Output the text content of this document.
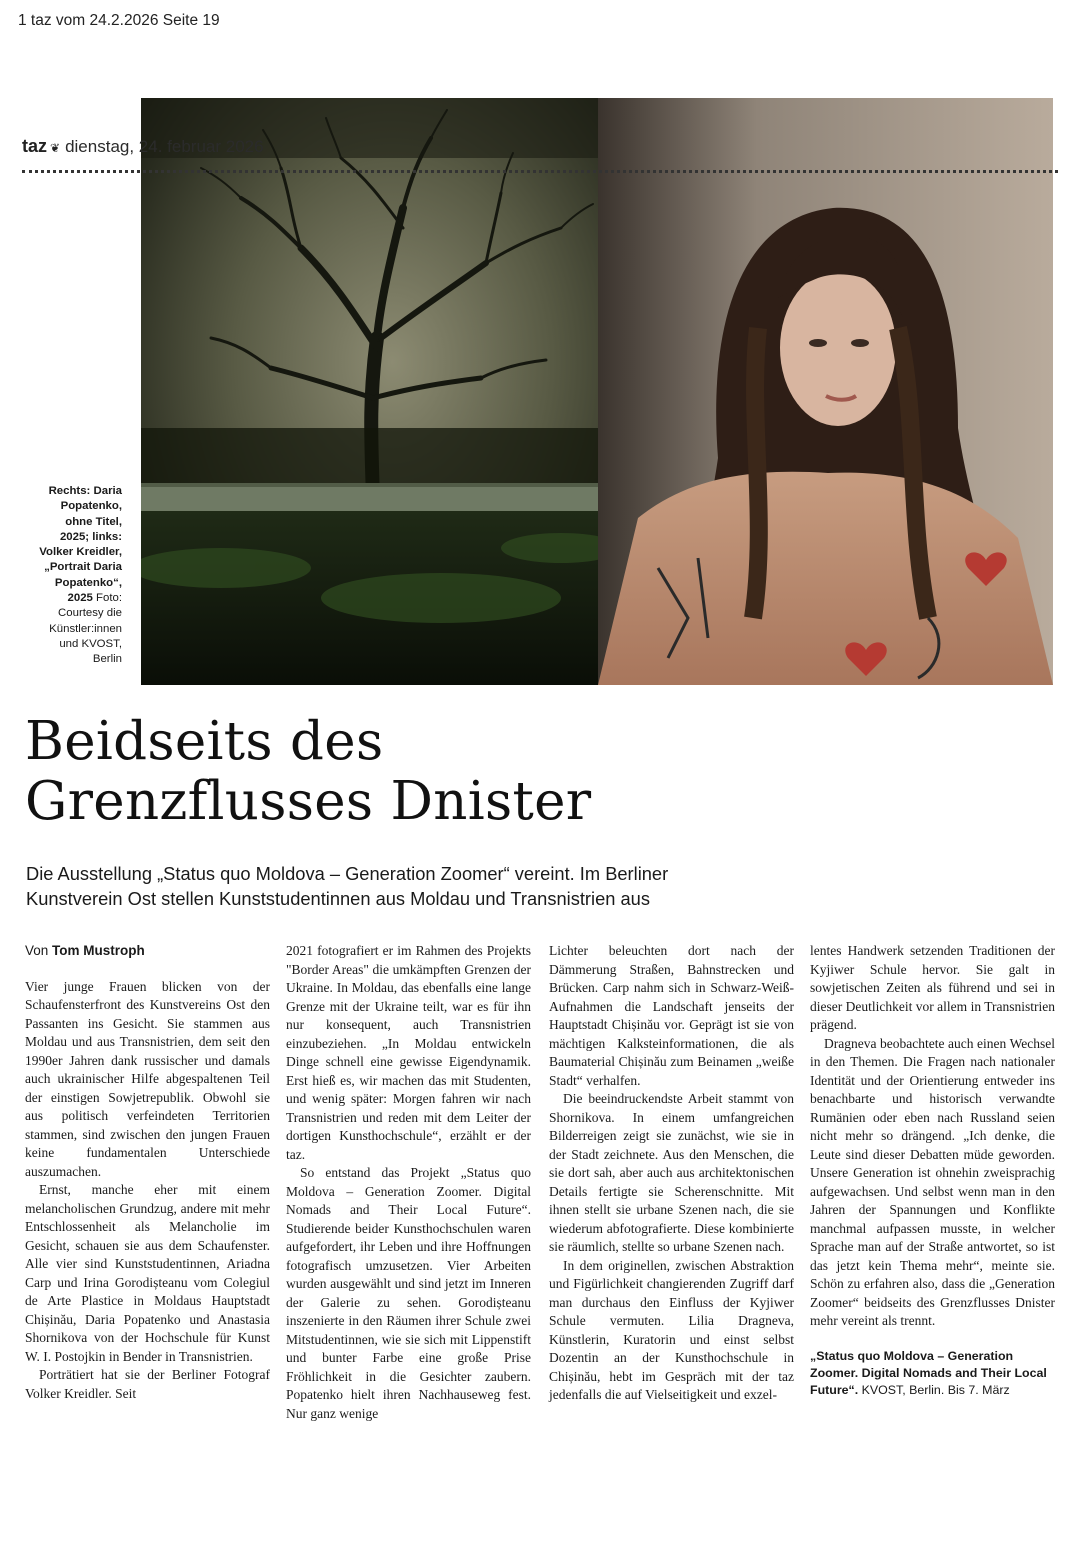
1 taz vom 24.2.2026 Seite 19
taz ❦ dienstag, 24. februar 2026
Rechts: Daria
Popatenko,
ohne Titel,
2025; links:
Volker Kreidler,
„Portrait Daria
Popatenko“,
2025 Foto:
Courtesy die
Künstler:innen
und KVOST,
Berlin
Beidseits des
Grenzflusses Dnister
Die Ausstellung „Status quo Moldova – Generation Zoomer“ vereint. Im Berliner
Kunstverein Ost stellen Kunststudentinnen aus Moldau und Transnistrien aus
Von Tom Mustroph

Vier junge Frauen blicken von der Schaufensterfront des Kunstvereins Ost den Passanten ins Gesicht. Sie stammen aus Moldau und aus Transnistrien, dem seit den 1990er Jahren dank russischer und damals auch ukrainischer Hilfe abgespaltenen Teil der einstigen Sowjetrepublik. Obwohl sie aus politisch verfeindeten Territorien stammen, sind zwischen den jungen Frauen keine fundamentalen Unterschiede auszumachen.

Ernst, manche eher mit einem melancholischen Grundzug, andere mit mehr Entschlossenheit als Melancholie im Gesicht, schauen sie aus dem Schaufenster. Alle vier sind Kunststudentinnen, Ariadna Carp und Irina Gorodișteanu vom Colegiul de Arte Plastice in Moldaus Hauptstadt Chișinău, Daria Popatenko und Anastasia Shornikova von der Hochschule für Kunst W. I. Postojkin in Bender in Transnistrien.

Porträtiert hat sie der Berliner Fotograf Volker Kreidler. Seit

2021 fotografiert er im Rahmen des Projekts "Border Areas" die umkämpften Grenzen der Ukraine. In Moldau, das ebenfalls eine lange Grenze mit der Ukraine teilt, war es für ihn nur konsequent, auch Transnistrien einzubeziehen. „In Moldau entwickeln Dinge schnell eine gewisse Eigendynamik. Erst hieß es, wir machen das mit Studenten, und wenig später: Morgen fahren wir nach Transnistrien und reden mit dem Leiter der dortigen Kunsthochschule“, erzählt er der taz.

So entstand das Projekt „Status quo Moldova – Generation Zoomer. Digital Nomads and Their Local Future“. Studierende beider Kunsthochschulen waren aufgefordert, ihr Leben und ihre Hoffnungen fotografisch umzusetzen. Vier Arbeiten wurden ausgewählt und sind jetzt im Inneren der Galerie zu sehen. Gorodișteanu inszenierte in den Räumen ihrer Schule zwei Mitstudentinnen, wie sie sich mit Lippenstift und bunter Farbe eine große Prise Fröhlichkeit in die Gesichter zaubern. Popatenko hielt ihren Nachhauseweg fest. Nur ganz wenige

Lichter beleuchten dort nach der Dämmerung Straßen, Bahnstrecken und Brücken. Carp nahm sich in Schwarz-Weiß-Aufnahmen die Landschaft jenseits der Hauptstadt Chișinău vor. Geprägt ist sie von mächtigen Kalksteinformationen, die als Baumaterial Chișinău zum Beinamen „weiße Stadt“ verhalfen.

Die beeindruckendste Arbeit stammt von Shornikova. In einem umfangreichen Bilderreigen zeigt sie zunächst, wie sie in der Stadt zeichnete. Aus den Menschen, die sie dort sah, aber auch aus architektonischen Details fertigte sie Scherenschnitte. Mit ihnen stellt sie urbane Szenen nach, die sie wiederum abfotografierte. Diese kombinierte sie räumlich, stellte so urbane Szenen nach.

In dem originellen, zwischen Abstraktion und Figürlichkeit changierenden Zugriff darf man durchaus den Einfluss der Kyjiwer Schule vermuten. Lilia Dragneva, Künstlerin, Kuratorin und einst selbst Dozentin an der Kunsthochschule in Chișinău, hebt im Gespräch mit der taz jedenfalls die auf Vielseitigkeit und exzel-

lentes Handwerk setzenden Traditionen der Kyjiwer Schule hervor. Sie galt in sowjetischen Zeiten als führend und sei in dieser Deutlichkeit vor allem in Transnistrien prägend.

Dragneva beobachtete auch einen Wechsel in den Themen. Die Fragen nach nationaler Identität und der Orientierung entweder ins benachbarte und historisch verwandte Rumänien oder eben nach Russland seien nicht mehr so drängend. „Ich denke, die Leute sind dieser Debatten müde geworden. Unsere Generation ist ohnehin zweisprachig aufgewachsen. Und selbst wenn man in den Jahren der Spannungen und Konflikte manchmal aufpassen musste, in welcher Sprache man auf der Straße antwortet, so ist das jetzt kein Thema mehr“, meinte sie. Schön zu erfahren also, dass die „Generation Zoomer“ beidseits des Grenzflusses Dnister mehr vereint als trennt.

„Status quo Moldova – Generation Zoomer. Digital Nomads and Their Local Future“. KVOST, Berlin. Bis 7. März
